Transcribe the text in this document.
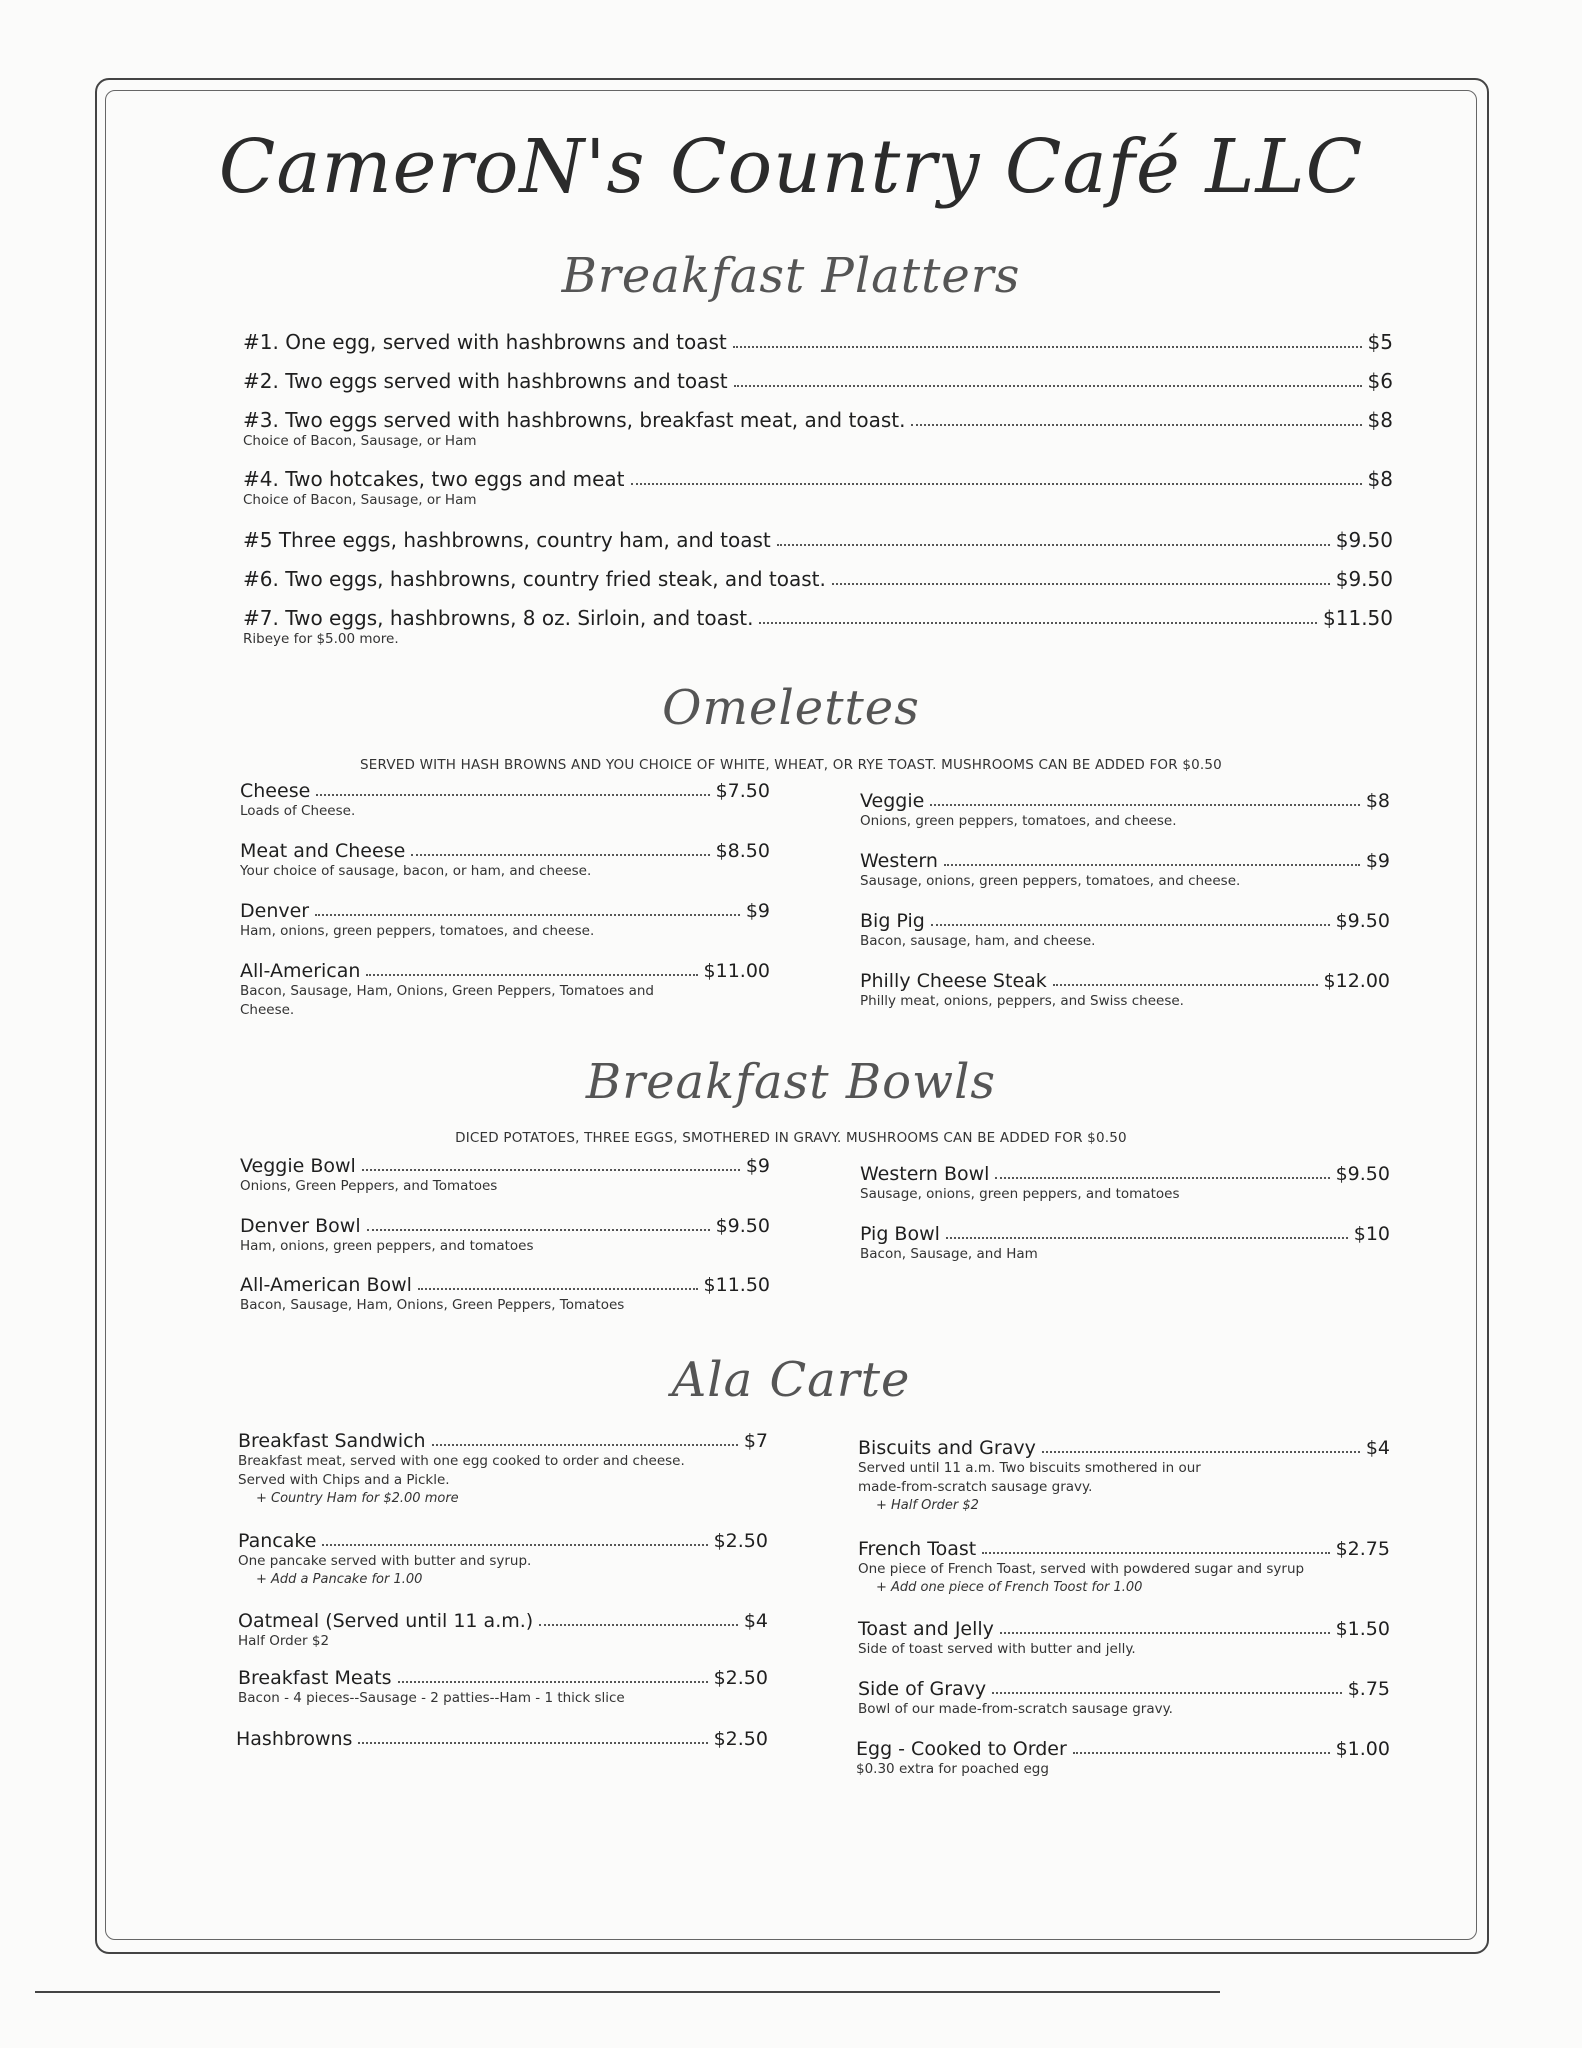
CameroN's Country Café LLC
Breakfast Platters
#1. One egg, served with hashbrowns and toast	$5
#2. Two eggs served with hashbrowns and toast	$6
#3. Two eggs served with hashbrowns, breakfast meat, and toast.	$8
Choice of Bacon, Sausage, or Ham
#4. Two hotcakes, two eggs and meat	$8
Choice of Bacon, Sausage, or Ham
#5 Three eggs, hashbrowns, country ham, and toast	$9.50
#6. Two eggs, hashbrowns, country fried steak, and toast.	$9.50
#7. Two eggs, hashbrowns, 8 oz. Sirloin, and toast.	$11.50
Ribeye for $5.00 more.
Omelettes
SERVED WITH HASH BROWNS AND YOU CHOICE OF WHITE, WHEAT, OR RYE TOAST. MUSHROOMS CAN BE ADDED FOR $0.50
Cheese	$7.50
Loads of Cheese.
Meat and Cheese	$8.50
Your choice of sausage, bacon, or ham, and cheese.
Denver	$9
Ham, onions, green peppers, tomatoes, and cheese.
All-American	$11.00
Bacon, Sausage, Ham, Onions, Green Peppers, Tomatoes and Cheese.
Veggie	$8
Onions, green peppers, tomatoes, and cheese.
Western	$9
Sausage, onions, green peppers, tomatoes, and cheese.
Big Pig	$9.50
Bacon, sausage, ham, and cheese.
Philly Cheese Steak	$12.00
Philly meat, onions, peppers, and Swiss cheese.
Breakfast Bowls
DICED POTATOES, THREE EGGS, SMOTHERED IN GRAVY. MUSHROOMS CAN BE ADDED FOR $0.50
Veggie Bowl	$9
Onions, Green Peppers, and Tomatoes
Denver Bowl	$9.50
Ham, onions, green peppers, and tomatoes
All-American Bowl	$11.50
Bacon, Sausage, Ham, Onions, Green Peppers, Tomatoes
Western Bowl	$9.50
Sausage, onions, green peppers, and tomatoes
Pig Bowl	$10
Bacon, Sausage, and Ham
Ala Carte
Breakfast Sandwich	$7
Breakfast meat, served with one egg cooked to order and cheese.
Served with Chips and a Pickle.
+ Country Ham for $2.00 more
Pancake	$2.50
One pancake served with butter and syrup.
+ Add a Pancake for 1.00
Oatmeal (Served until 11 a.m.)	$4
Half Order $2
Breakfast Meats	$2.50
Bacon - 4 pieces--Sausage - 2 patties--Ham - 1 thick slice
Hashbrowns	$2.50
Biscuits and Gravy	$4
Served until 11 a.m. Two biscuits smothered in our
made-from-scratch sausage gravy.
+ Half Order $2
French Toast	$2.75
One piece of French Toast, served with powdered sugar and syrup
+ Add one piece of French Toost for 1.00
Toast and Jelly	$1.50
Side of toast served with butter and jelly.
Side of Gravy	$.75
Bowl of our made-from-scratch sausage gravy.
Egg - Cooked to Order	$1.00
$0.30 extra for poached egg
